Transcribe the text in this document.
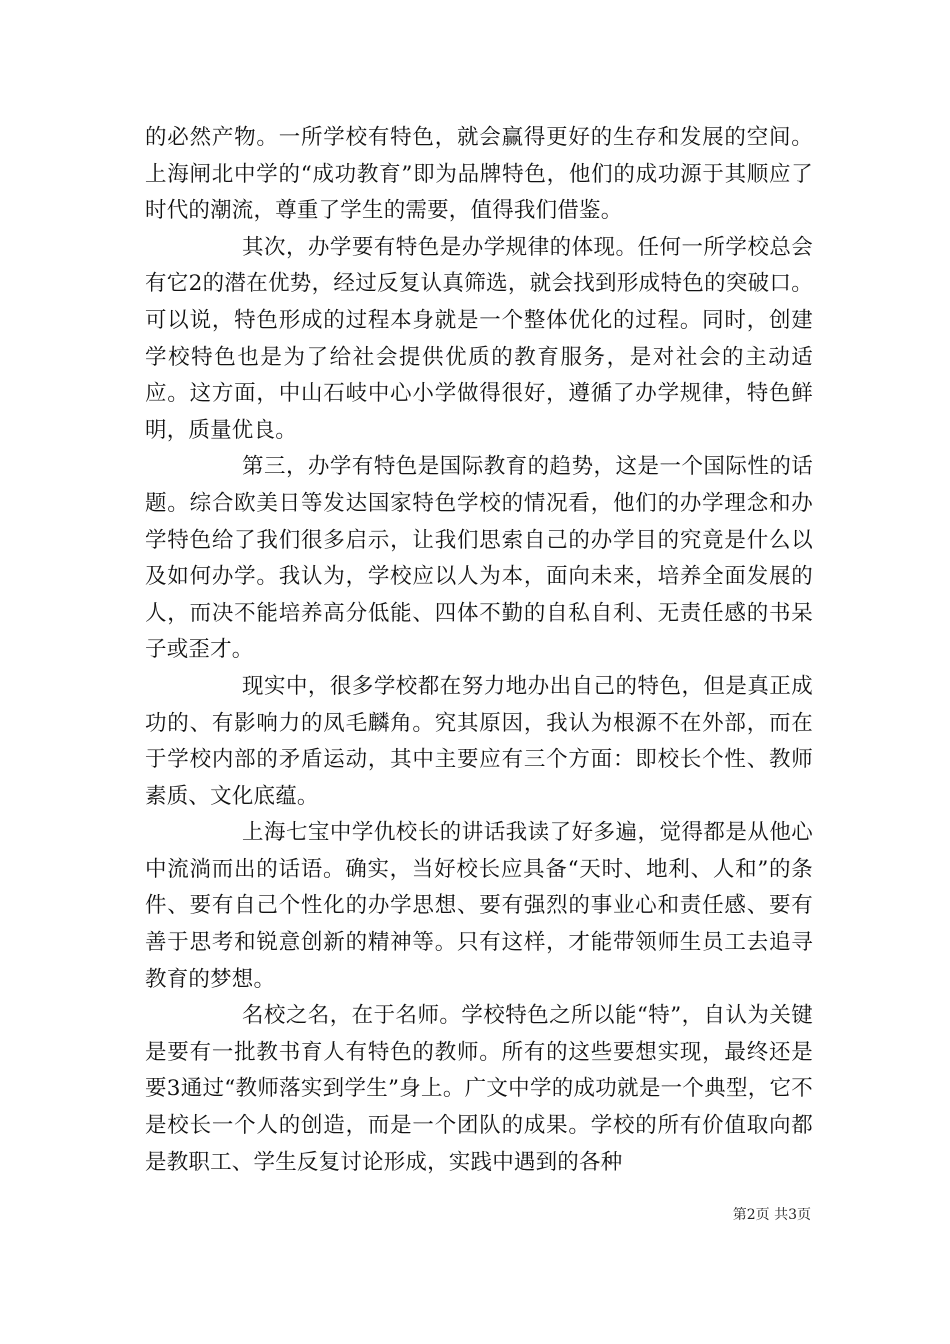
的必然产物。一所学校有特色，就会赢得更好的生存和发展的空间。上海闸北中学的“成功教育”即为品牌特色，他们的成功源于其顺应了时代的潮流，尊重了学生的需要，值得我们借鉴。

其次，办学要有特色是办学规律的体现。任何一所学校总会有它2的潜在优势，经过反复认真筛选，就会找到形成特色的突破口。可以说，特色形成的过程本身就是一个整体优化的过程。同时，创建学校特色也是为了给社会提供优质的教育服务，是对社会的主动适应。这方面，中山石岐中心小学做得很好，遵循了办学规律，特色鲜明，质量优良。

第三，办学有特色是国际教育的趋势，这是一个国际性的话题。综合欧美日等发达国家特色学校的情况看，他们的办学理念和办学特色给了我们很多启示，让我们思索自己的办学目的究竟是什么以及如何办学。我认为，学校应以人为本，面向未来，培养全面发展的人，而决不能培养高分低能、四体不勤的自私自利、无责任感的书呆子或歪才。

现实中，很多学校都在努力地办出自己的特色，但是真正成功的、有影响力的凤毛麟角。究其原因，我认为根源不在外部，而在于学校内部的矛盾运动，其中主要应有三个方面：即校长个性、教师素质、文化底蕴。

上海七宝中学仇校长的讲话我读了好多遍，觉得都是从他心中流淌而出的话语。确实，当好校长应具备“天时、地利、人和”的条件、要有自己个性化的办学思想、要有强烈的事业心和责任感、要有善于思考和锐意创新的精神等。只有这样，才能带领师生员工去追寻教育的梦想。

名校之名，在于名师。学校特色之所以能“特”，自认为关键是要有一批教书育人有特色的教师。所有的这些要想实现，最终还是要3通过“教师落实到学生”身上。广文中学的成功就是一个典型，它不是校长一个人的创造，而是一个团队的成果。学校的所有价值取向都是教职工、学生反复讨论形成，实践中遇到的各种

第2页 共3页
